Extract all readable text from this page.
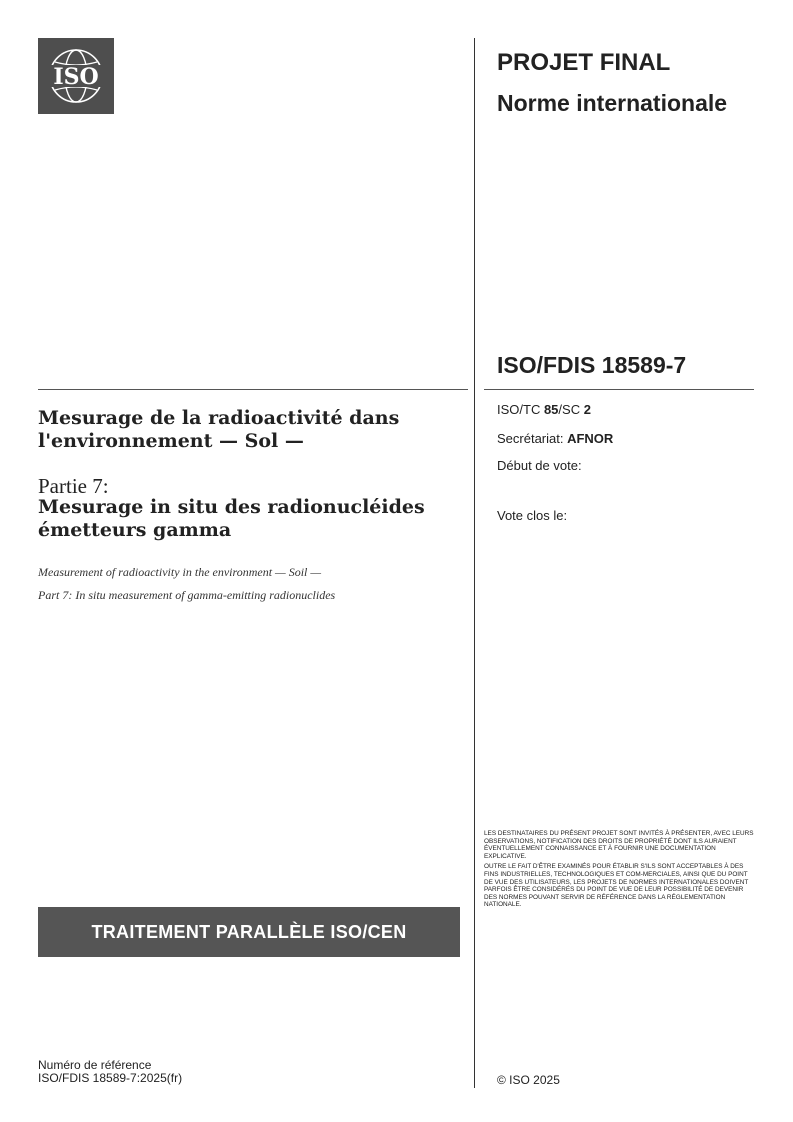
ISO
PROJET FINAL
Norme internationale
ISO/FDIS 18589-7
ISO/TC 85/SC 2
Secrétariat: AFNOR
Début de vote:
Vote clos le:
Mesurage de la radioactivité dans l'environnement — Sol —
Partie 7:
Mesurage in situ des radionucléides émetteurs gamma
Measurement of radioactivity in the environment — Soil —
Part 7: In situ measurement of gamma-emitting radionuclides

LES DESTINATAIRES DU PRÉSENT PROJET SONT INVITÉS À PRÉSENTER, AVEC LEURS OBSERVATIONS, NOTIFICATION DES DROITS DE PROPRIÉTÉ DONT ILS AURAIENT ÉVENTUELLEMENT CONNAISSANCE ET À FOURNIR UNE DOCUMENTATION EXPLICATIVE.

OUTRE LE FAIT D'ÊTRE EXAMINÉS POUR ÉTABLIR S'ILS SONT ACCEPTABLES À DES FINS INDUSTRIELLES, TECHNOLOGIQUES ET COM-MERCIALES, AINSI QUE DU POINT DE VUE DES UTILISATEURS, LES PROJETS DE NORMES INTERNATIONALES DOIVENT PARFOIS ÊTRE CONSIDÉRÉS DU POINT DE VUE DE LEUR POSSIBILITÉ DE DEVENIR DES NORMES POUVANT SERVIR DE RÉFÉRENCE DANS LA RÉGLEMENTATION NATIONALE.

TRAITEMENT PARALLÈLE ISO/CEN
Numéro de référence
ISO/FDIS 18589-7:2025(fr)	© ISO 2025
